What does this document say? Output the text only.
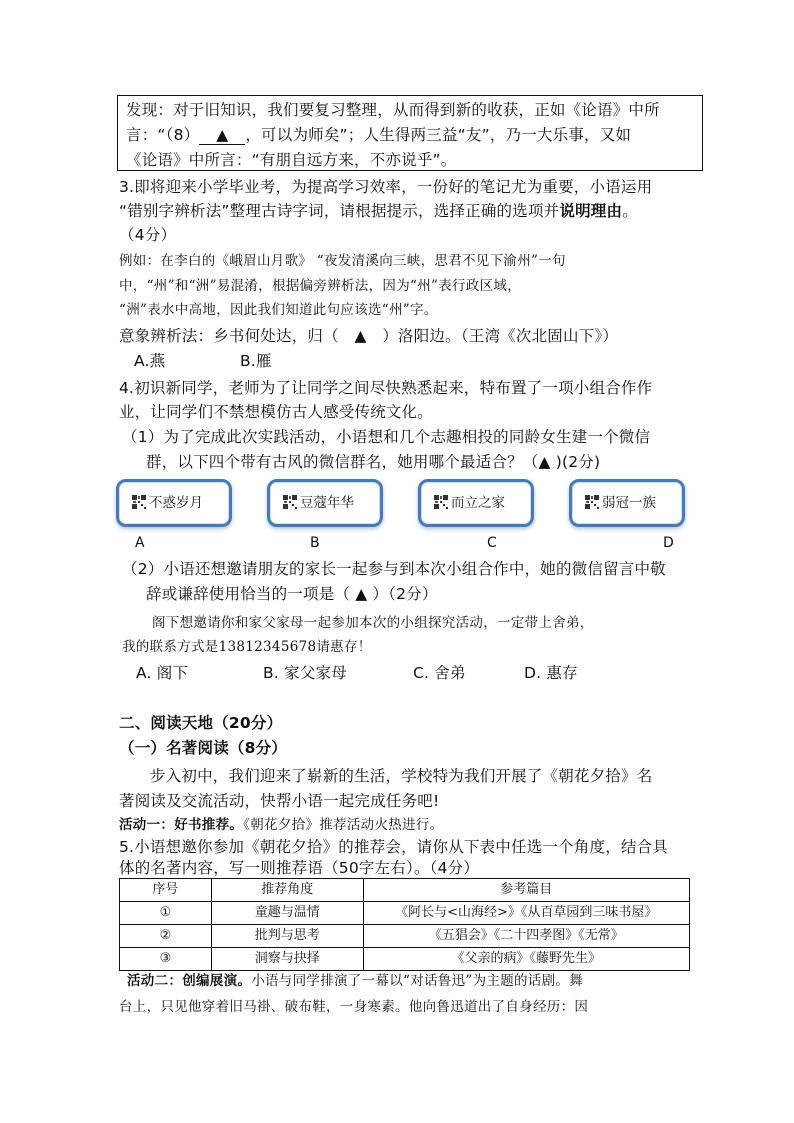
发现：对于旧知识，我们要复习整理，从而得到新的收获，正如《论语》中所
言：“（8） ▲ ，可以为师矣”；人生得两三益“友”，乃一大乐事，又如
《论语》中所言：“有朋自远方来，不亦说乎”。
3.即将迎来小学毕业考，为提高学习效率，一份好的笔记尤为重要，小语运用
“错别字辨析法”整理古诗字词，请根据提示，选择正确的选项并说明理由。
（4分）
例如：在李白的《峨眉山月歌》 “夜发清溪向三峡，思君不见下渝州”一句
中，“州”和“洲”易混淆，根据偏旁辨析法，因为“州”表行政区域，
“洲”表水中高地，因此我们知道此句应该选“州”字。
意象辨析法：乡书何处达，归（　▲　）洛阳边。（王湾《次北固山下》）
A.燕	B.雁
4.初识新同学，老师为了让同学之间尽快熟悉起来，特布置了一项小组合作作
业，让同学们不禁想模仿古人感受传统文化。
（1）为了完成此次实践活动，小语想和几个志趣相投的同龄女生建一个微信
群，以下四个带有古风的微信群名，她用哪个最适合？（▲ )(2分)
不惑岁月	豆蔻年华	而立之家	弱冠一族
A	B	C	D
（2）小语还想邀请朋友的家长一起参与到本次小组合作中，她的微信留言中敬
辞或谦辞使用恰当的一项是（ ▲ ）（2分）
阁下想邀请你和家父家母一起参加本次的小组探究活动，一定带上舍弟，
我的联系方式是13812345678请惠存！
A. 阁下	B. 家父家母	C. 舍弟	D. 惠存
二、阅读天地（20分）
（一）名著阅读（8分）
步入初中，我们迎来了崭新的生活，学校特为我们开展了《朝花夕拾》名
著阅读及交流活动，快帮小语一起完成任务吧!
活动一：好书推荐。《朝花夕拾》推荐活动火热进行。
5.小语想邀你参加《朝花夕拾》的推荐会，请你从下表中任选一个角度，结合具
体的名著内容，写一则推荐语（50字左右）。（4分）
序号	推荐角度	参考篇目
①	童趣与温情	《阿长与<山海经>》《从百草园到三味书屋》
②	批判与思考	《五猖会》《二十四孝图》《无常》
③	洞察与抉择	《父亲的病》《藤野先生》
活动二：创编展演。小语与同学排演了一幕以“对话鲁迅”为主题的话剧。舞
台上，只见他穿着旧马褂、破布鞋，一身寒素。他向鲁迅道出了自身经历：因
